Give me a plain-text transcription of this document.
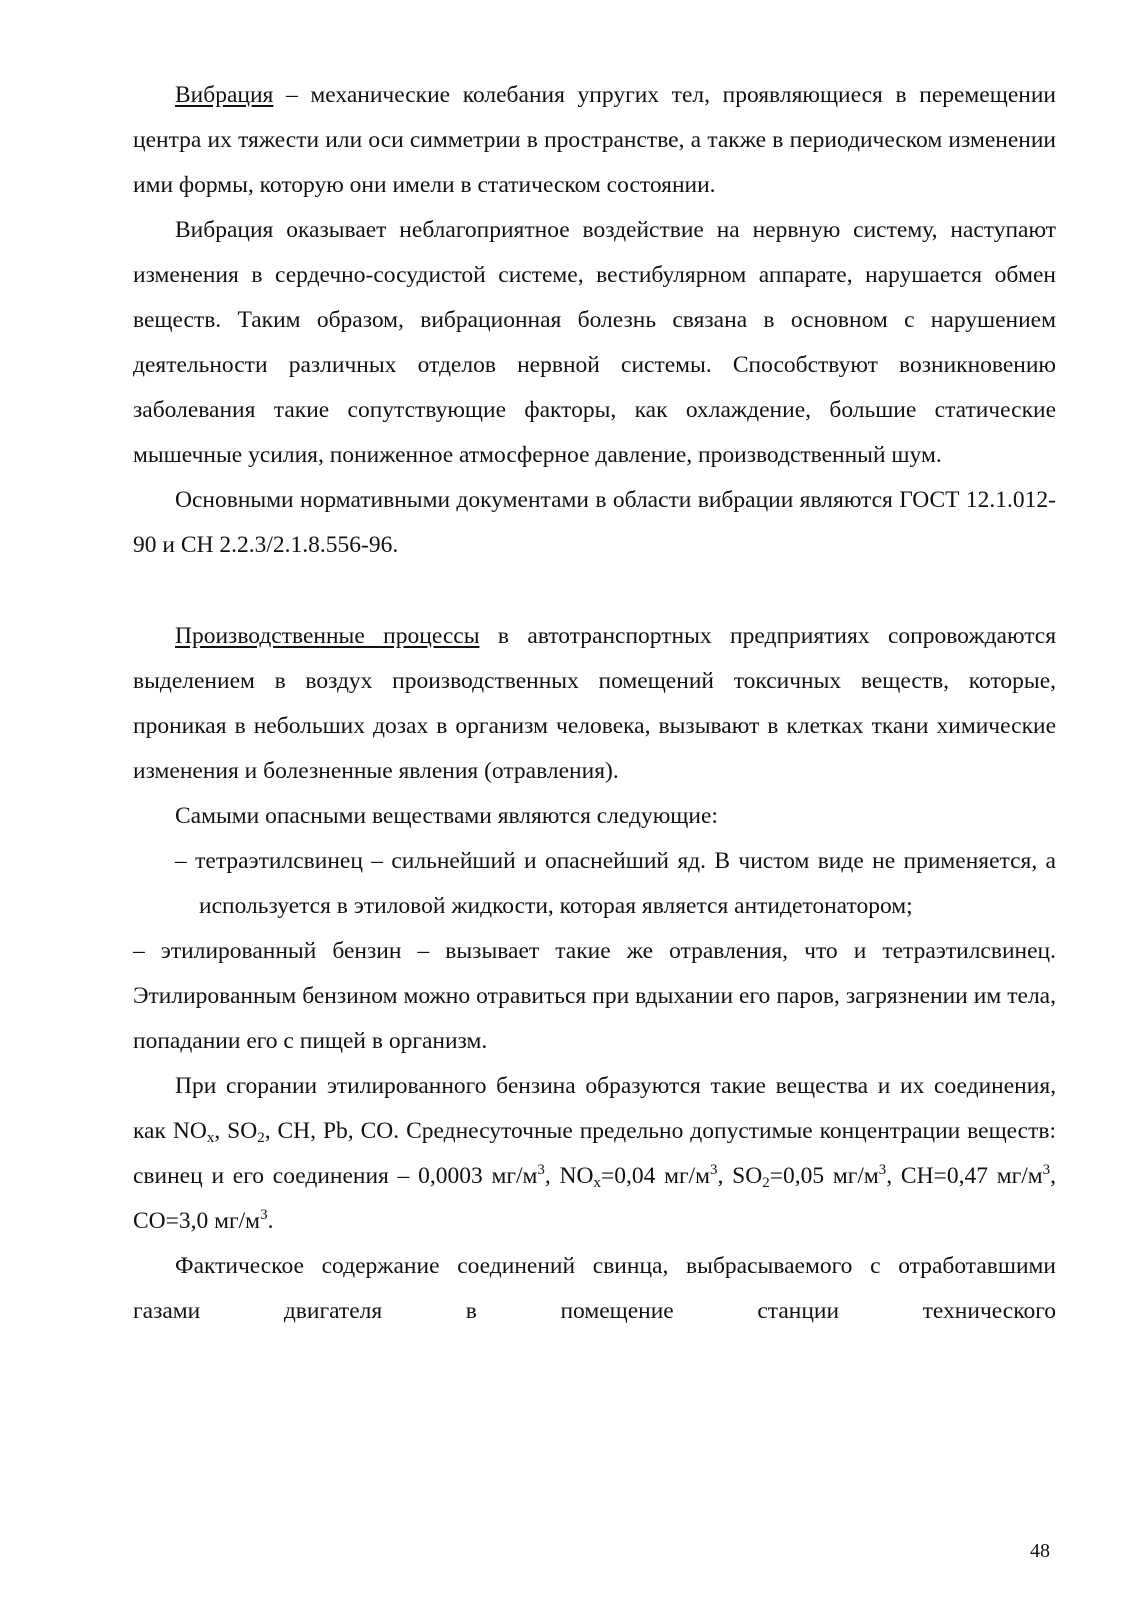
Вибрация – механические колебания упругих тел, проявляющиеся в перемещении центра их тяжести или оси симметрии в пространстве, а также в периодическом изменении ими формы, которую они имели в статическом состоянии.

Вибрация оказывает неблагоприятное воздействие на нервную систему, наступают изменения в сердечно-сосудистой системе, вестибулярном аппарате, нарушается обмен веществ. Таким образом, вибрационная болезнь связана в основном с нарушением деятельности различных отделов нервной системы. Способствуют возникновению заболевания такие сопутствующие факторы, как охлаждение, большие статические мышечные усилия, пониженное атмосферное давление, производственный шум.

Основными нормативными документами в области вибрации являются ГОСТ 12.1.012-90 и СН 2.2.3/2.1.8.556-96.

Производственные процессы в автотранспортных предприятиях сопровождаются выделением в воздух производственных помещений токсичных веществ, которые, проникая в небольших дозах в организм человека, вызывают в клетках ткани химические изменения и болезненные явления (отравления).

Самыми опасными веществами являются следующие:

– тетраэтилсвинец – сильнейший и опаснейший яд. В чистом виде не применяется, а используется в этиловой жидкости, которая является антидетонатором;

– этилированный бензин – вызывает такие же отравления, что и тетраэтилсвинец. Этилированным бензином можно отравиться при вдыхании его паров, загрязнении им тела, попадании его с пищей в организм.

При сгорании этилированного бензина образуются такие вещества и их соединения, как $NO_x$, $SO_2$, CH, Pb, CO. Среднесуточные предельно допустимые концентрации веществ: свинец и его соединения – 0,0003 $мг/м^3$, $NO_x=0,04$ $мг/м^3$, $SO_2=0,05$ $мг/м^3$, CH=0,47 $мг/м^3$, CO=3,0 $мг/м^3$.

Фактическое содержание соединений свинца, выбрасываемого с отработавшими газами двигателя в помещение станции технического

48
